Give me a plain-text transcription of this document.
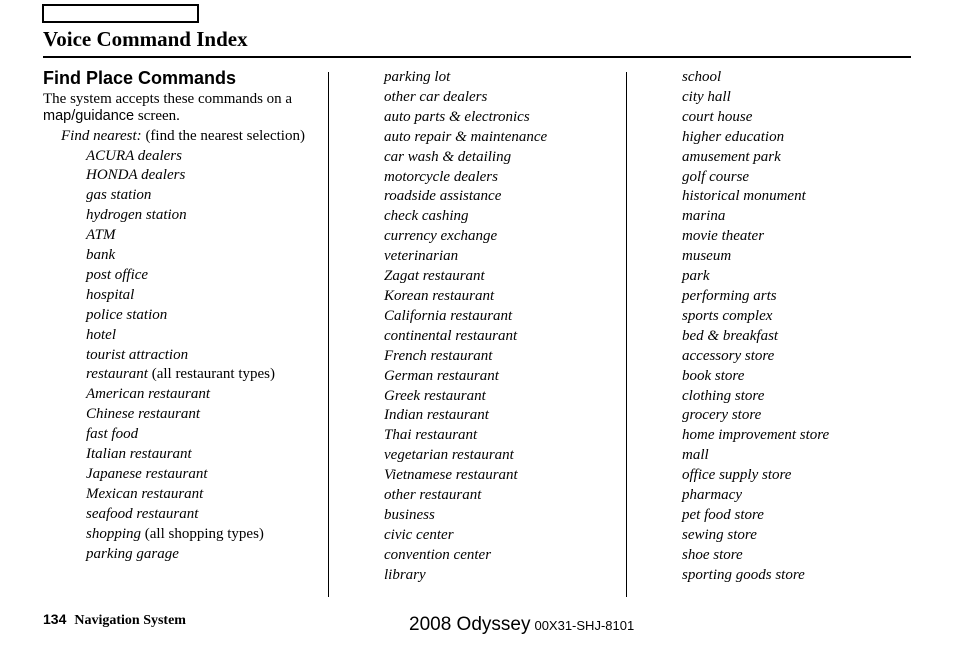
Voice Command Index
Find Place Commands

The system accepts these commands on a map/guidance screen.

Find nearest: (find the nearest selection)
ACURA dealers
HONDA dealers
gas station
hydrogen station
ATM
bank
post office
hospital
police station
hotel
tourist attraction
restaurant (all restaurant types)
American restaurant
Chinese restaurant
fast food
Italian restaurant
Japanese restaurant
Mexican restaurant
seafood restaurant
shopping (all shopping types)
parking garage
parking lot
other car dealers
auto parts & electronics
auto repair & maintenance
car wash & detailing
motorcycle dealers
roadside assistance
check cashing
currency exchange
veterinarian
Zagat restaurant
Korean restaurant
California restaurant
continental restaurant
French restaurant
German restaurant
Greek restaurant
Indian restaurant
Thai restaurant
vegetarian restaurant
Vietnamese restaurant
other restaurant
business
civic center
convention center
library
school
city hall
court house
higher education
amusement park
golf course
historical monument
marina
movie theater
museum
park
performing arts
sports complex
bed & breakfast
accessory store
book store
clothing store
grocery store
home improvement store
mall
office supply store
pharmacy
pet food store
sewing store
shoe store
sporting goods store
134 Navigation System	2008 Odyssey 00X31-SHJ-8101
